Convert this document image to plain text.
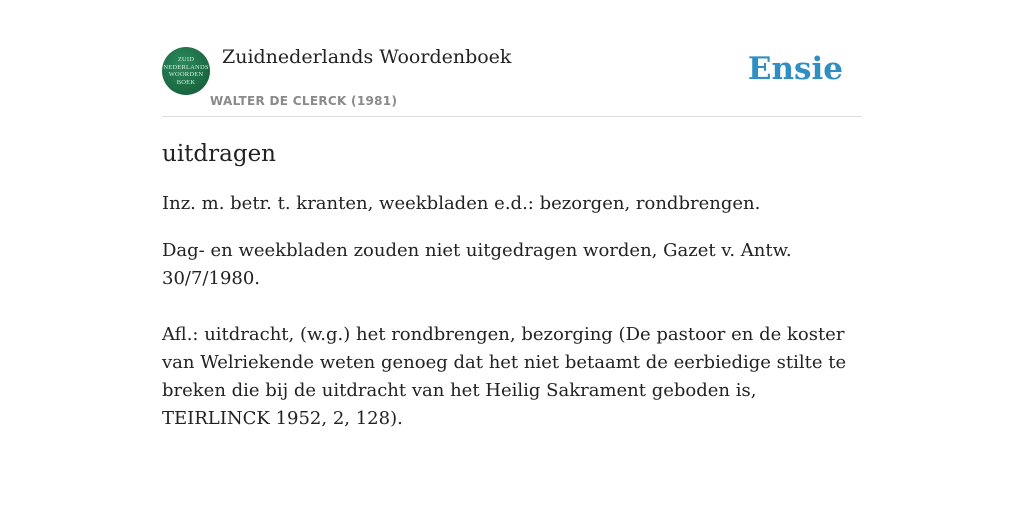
ZUID
NEDERLANDS
WOORDEN
BOEK
Zuidnederlands Woordenboek
WALTER DE CLERCK (1981)
Ensie
uitdragen

Inz. m. betr. t. kranten, weekbladen e.d.: bezorgen, rondbrengen.

Dag- en weekbladen zouden niet uitgedragen worden, Gazet v. Antw. 30/7/1980.

Afl.: uitdracht, (w.g.) het rondbrengen, bezorging (De pastoor en de koster van Welriekende weten genoeg dat het niet betaamt de eerbiedige stilte te breken die bij de uitdracht van het Heilig Sakrament geboden is, TEIRLINCK 1952, 2, 128).
